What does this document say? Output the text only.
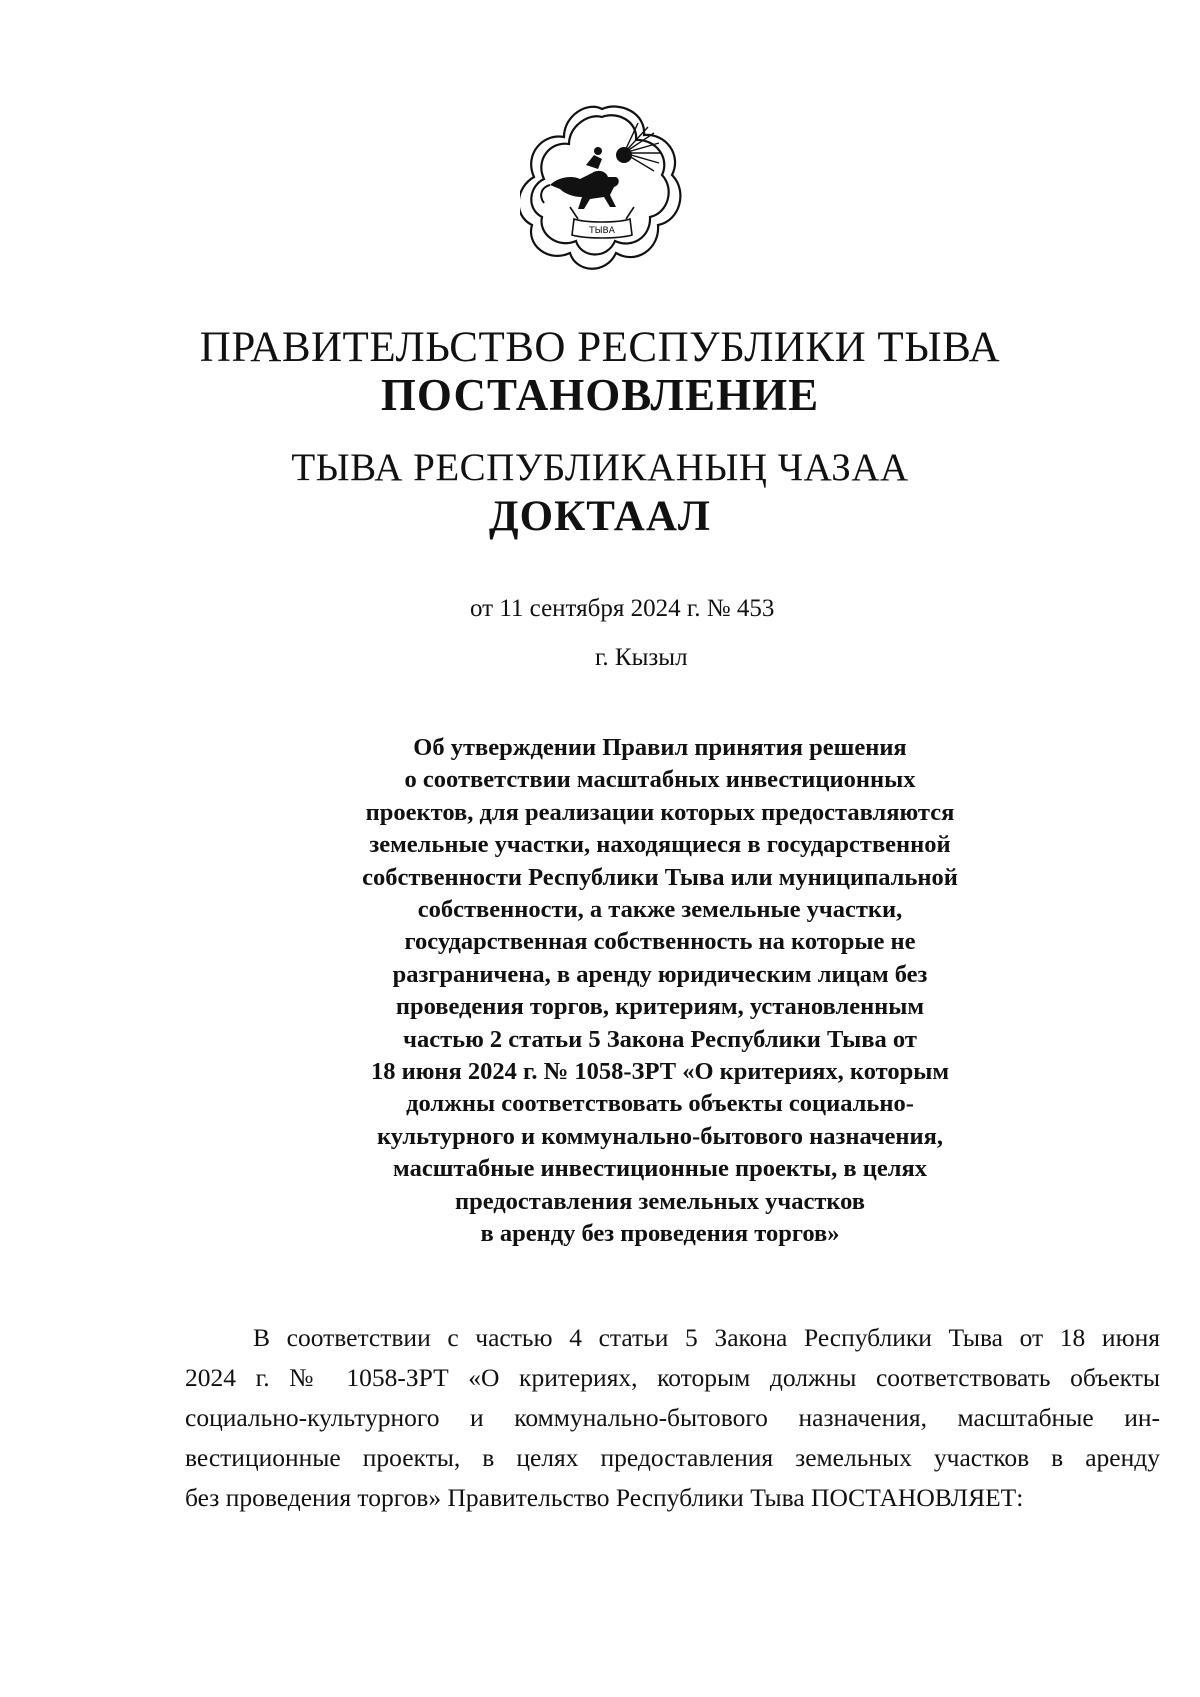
ТЫВА
ПРАВИТЕЛЬСТВО РЕСПУБЛИКИ ТЫВА
ПОСТАНОВЛЕНИЕ
ТЫВА РЕСПУБЛИКАНЫҢ ЧАЗАА
ДОКТААЛ
от 11 сентября 2024 г. № 453
г. Кызыл
Об утверждении Правил принятия решения
о соответствии масштабных инвестиционных
проектов, для реализации которых предоставляются
земельные участки, находящиеся в государственной
собственности Республики Тыва или муниципальной
собственности, а также земельные участки,
государственная собственность на которые не
разграничена, в аренду юридическим лицам без
проведения торгов, критериям, установленным
частью 2 статьи 5 Закона Республики Тыва от
18 июня 2024 г. № 1058-ЗРТ «О критериях, которым
должны соответствовать объекты социально-
культурного и коммунально-бытового назначения,
масштабные инвестиционные проекты, в целях
предоставления земельных участков
в аренду без проведения торгов»
В соответствии с частью 4 статьи 5 Закона Республики Тыва от 18 июня
2024 г. № 1058-ЗРТ «О критериях, которым должны соответствовать объекты
социально-культурного и коммунально-бытового назначения, масштабные ин-
вестиционные проекты, в целях предоставления земельных участков в аренду
без проведения торгов» Правительство Республики Тыва ПОСТАНОВЛЯЕТ:
